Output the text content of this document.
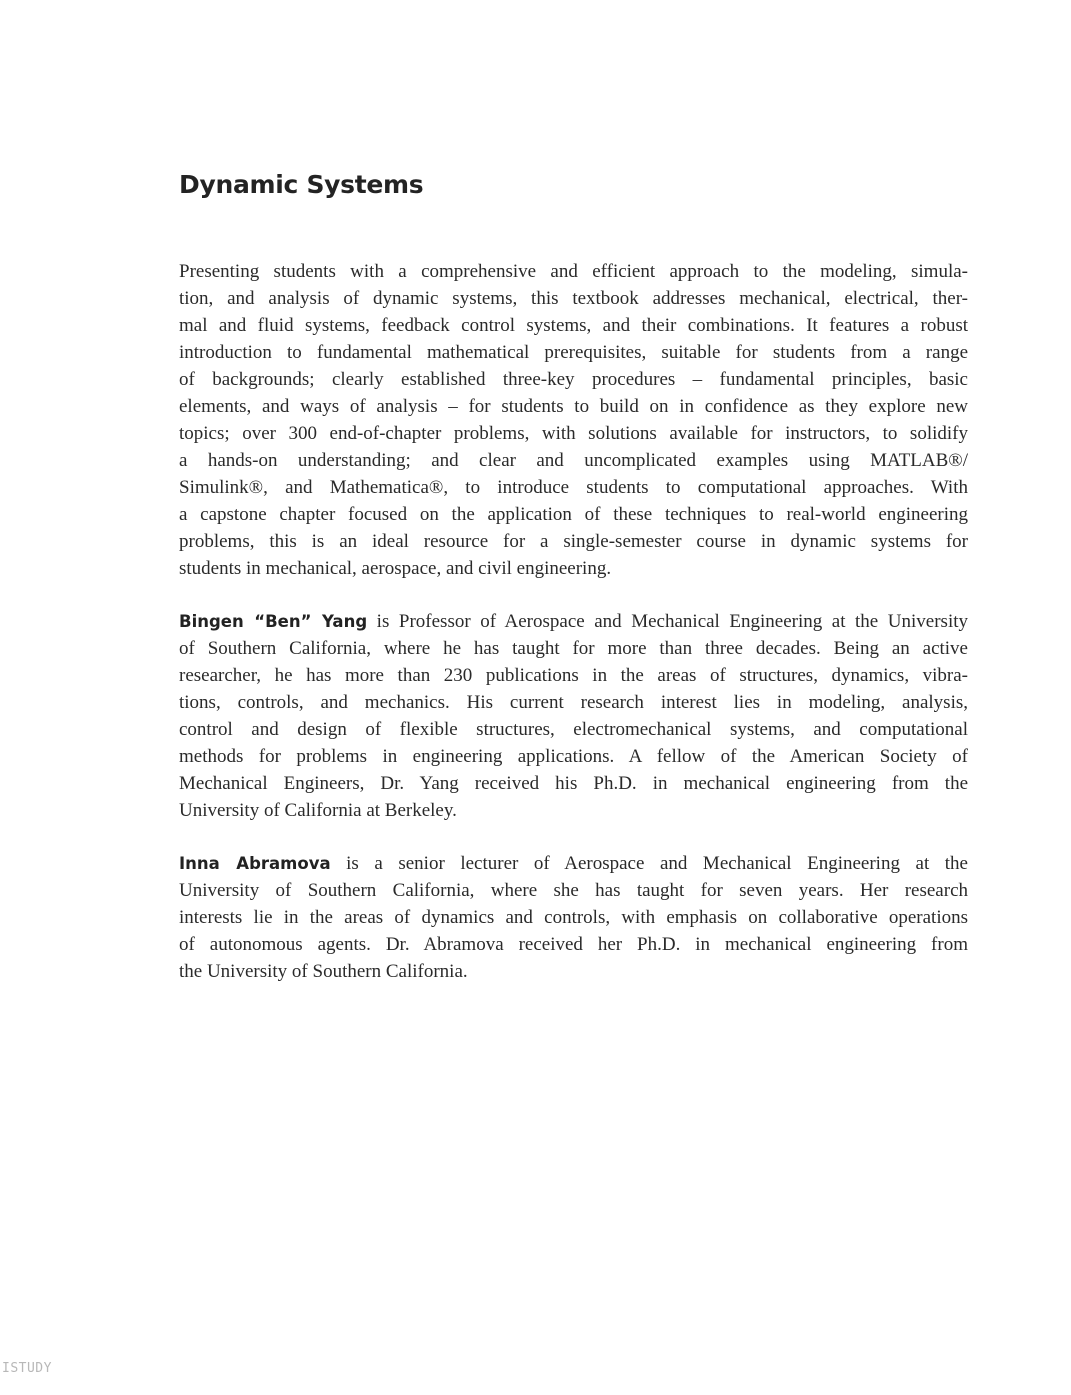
Dynamic Systems
Presenting students with a comprehensive and efficient approach to the modeling, simula-
tion, and analysis of dynamic systems, this textbook addresses mechanical, electrical, ther-
mal and fluid systems, feedback control systems, and their combinations. It features a robust
introduction to fundamental mathematical prerequisites, suitable for students from a range
of backgrounds; clearly established three-key procedures – fundamental principles, basic
elements, and ways of analysis – for students to build on in confidence as they explore new
topics; over 300 end-of-chapter problems, with solutions available for instructors, to solidify
a hands-on understanding; and clear and uncomplicated examples using MATLAB®/
Simulink®, and Mathematica®, to introduce students to computational approaches. With
a capstone chapter focused on the application of these techniques to real-world engineering
problems, this is an ideal resource for a single-semester course in dynamic systems for
students in mechanical, aerospace, and civil engineering.
Bingen “Ben” Yang is Professor of Aerospace and Mechanical Engineering at the University
of Southern California, where he has taught for more than three decades. Being an active
researcher, he has more than 230 publications in the areas of structures, dynamics, vibra-
tions, controls, and mechanics. His current research interest lies in modeling, analysis,
control and design of flexible structures, electromechanical systems, and computational
methods for problems in engineering applications. A fellow of the American Society of
Mechanical Engineers, Dr. Yang received his Ph.D. in mechanical engineering from the
University of California at Berkeley.
Inna Abramova is a senior lecturer of Aerospace and Mechanical Engineering at the
University of Southern California, where she has taught for seven years. Her research
interests lie in the areas of dynamics and controls, with emphasis on collaborative operations
of autonomous agents. Dr. Abramova received her Ph.D. in mechanical engineering from
the University of Southern California.
ISTUDY
